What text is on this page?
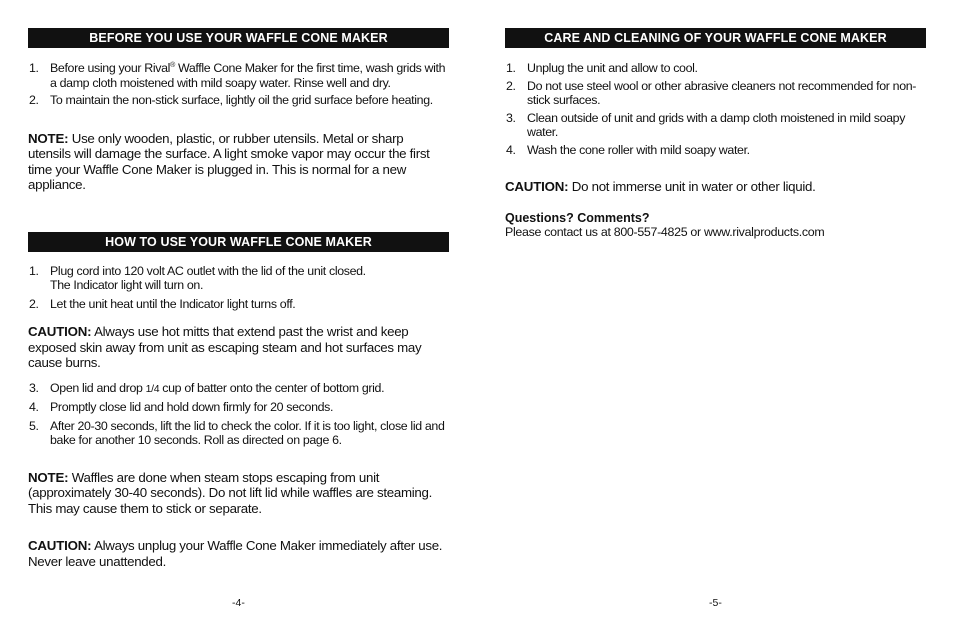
BEFORE YOU USE YOUR WAFFLE CONE MAKER
1. Before using your Rival® Waffle Cone Maker for the first time, wash grids with a damp cloth moistened with mild soapy water. Rinse well and dry.
2. To maintain the non-stick surface, lightly oil the grid surface before heating.

NOTE: Use only wooden, plastic, or rubber utensils. Metal or sharp utensils will damage the surface. A light smoke vapor may occur the first time your Waffle Cone Maker is plugged in. This is normal for a new appliance.

HOW TO USE YOUR WAFFLE CONE MAKER
1. Plug cord into 120 volt AC outlet with the lid of the unit closed.
The Indicator light will turn on.
2. Let the unit heat until the Indicator light turns off.

CAUTION: Always use hot mitts that extend past the wrist and keep exposed skin away from unit as escaping steam and hot surfaces may cause burns.

3. Open lid and drop 1/4 cup of batter onto the center of bottom grid.
4. Promptly close lid and hold down firmly for 20 seconds.
5. After 20-30 seconds, lift the lid to check the color. If it is too light, close lid and bake for another 10 seconds. Roll as directed on page 6.

NOTE: Waffles are done when steam stops escaping from unit (approximately 30-40 seconds). Do not lift lid while waffles are steaming. This may cause them to stick or separate.

CAUTION: Always unplug your Waffle Cone Maker immediately after use. Never leave unattended.

-4-
CARE AND CLEANING OF YOUR WAFFLE CONE MAKER
1. Unplug the unit and allow to cool.
2. Do not use steel wool or other abrasive cleaners not recommended for non-stick surfaces.
3. Clean outside of unit and grids with a damp cloth moistened in mild soapy water.
4. Wash the cone roller with mild soapy water.

CAUTION: Do not immerse unit in water or other liquid.

Questions? Comments?
Please contact us at 800-557-4825 or www.rivalproducts.com
-5-
